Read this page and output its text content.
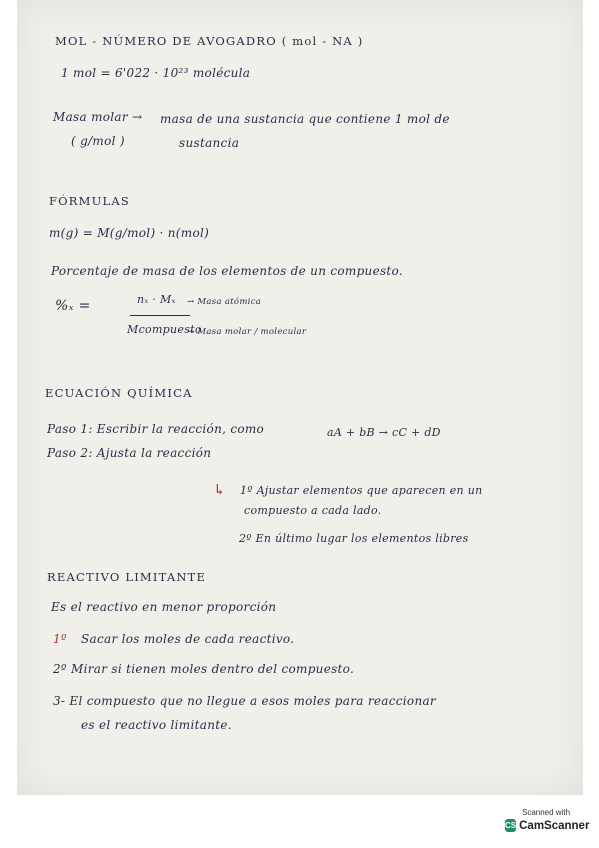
MOL - NÚMERO DE AVOGADRO ( mol - NA )
1 mol = 6'022 · 10²³ molécula
Masa molar → masa de una sustancia que contiene 1 mol de
( g/mol )	sustancia
FÓRMULAS
m(g) = M(g/mol) · n(mol)
Porcentaje de masa de los elementos de un compuesto.
%ₓ =	nₓ · Mₓ → Masa atómica
Mcompuesto
→ Masa molar / molecular
ECUACIÓN QUÍMICA
Paso 1: Escribir la reacción, como	aA + bB → cC + dD
Paso 2: Ajusta la reacción
↳ 1º Ajustar elementos que aparecen en un
compuesto a cada lado.
2º En último lugar los elementos libres
REACTIVO LIMITANTE
Es el reactivo en menor proporción
1º Sacar los moles de cada reactivo.
2º Mirar si tienen moles dentro del compuesto.
3- El compuesto que no llegue a esos moles para reaccionar
es el reactivo limitante.
Scanned with
CS CamScanner
